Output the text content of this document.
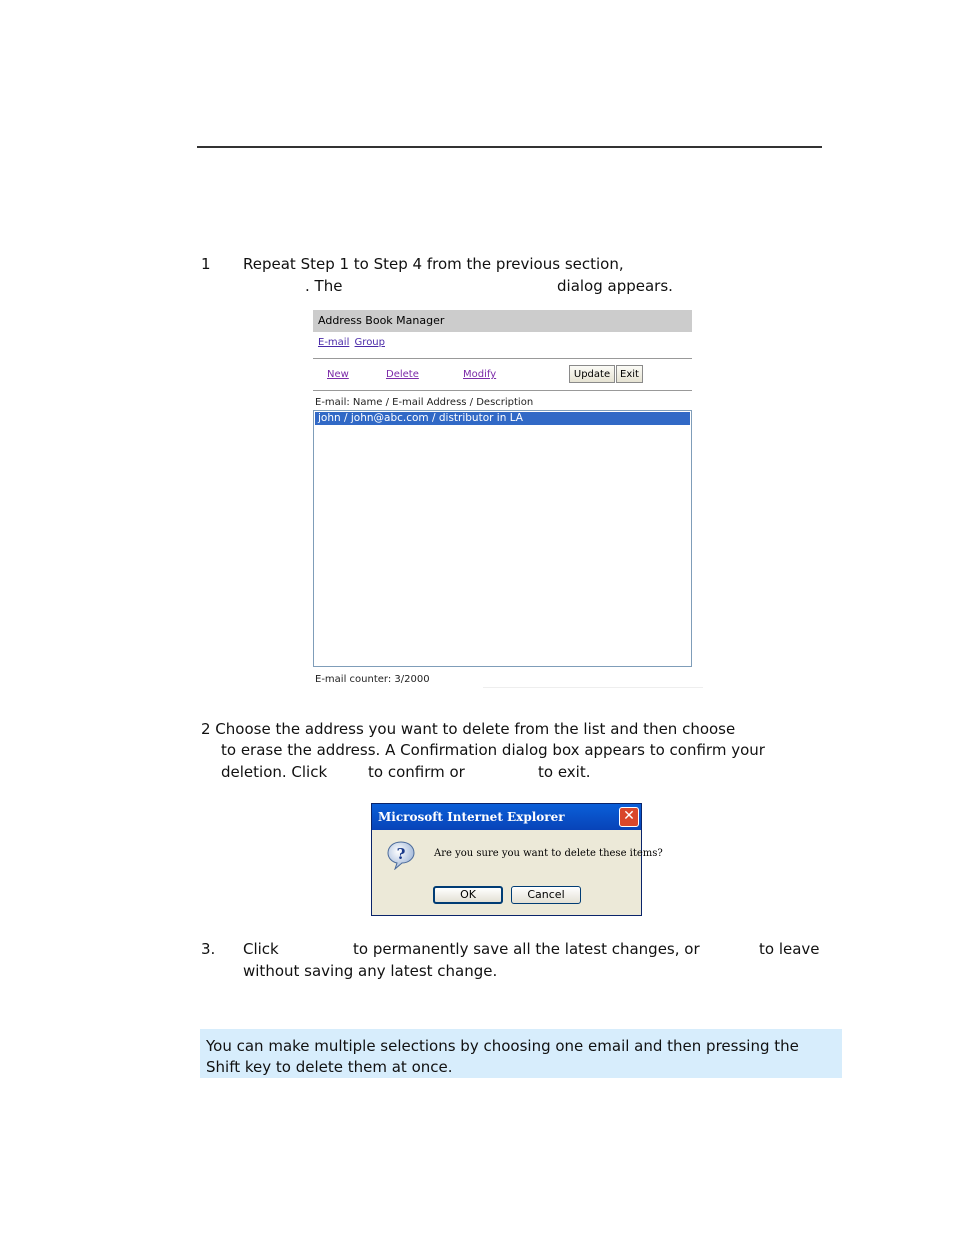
1 Repeat Step 1 to Step 4 from the previous section,
. The	dialog appears.
Address Book Manager
E-mail Group
New	Delete	Modify	Update Exit
E-mail: Name / E-mail Address / Description
john / john@abc.com / distributor in LA
E-mail counter: 3/2000
2 Choose the address you want to delete from the list and then choose
to erase the address. A Confirmation dialog box appears to confirm your
deletion. Click	to confirm or	to exit.
Microsoft Internet Explorer	✕
?	Are you sure you want to delete these items?
OK	Cancel
3. Click	to permanently save all the latest changes, or	to leave
without saving any latest change.
You can make multiple selections by choosing one email and then pressing the
Shift key to delete them at once.
